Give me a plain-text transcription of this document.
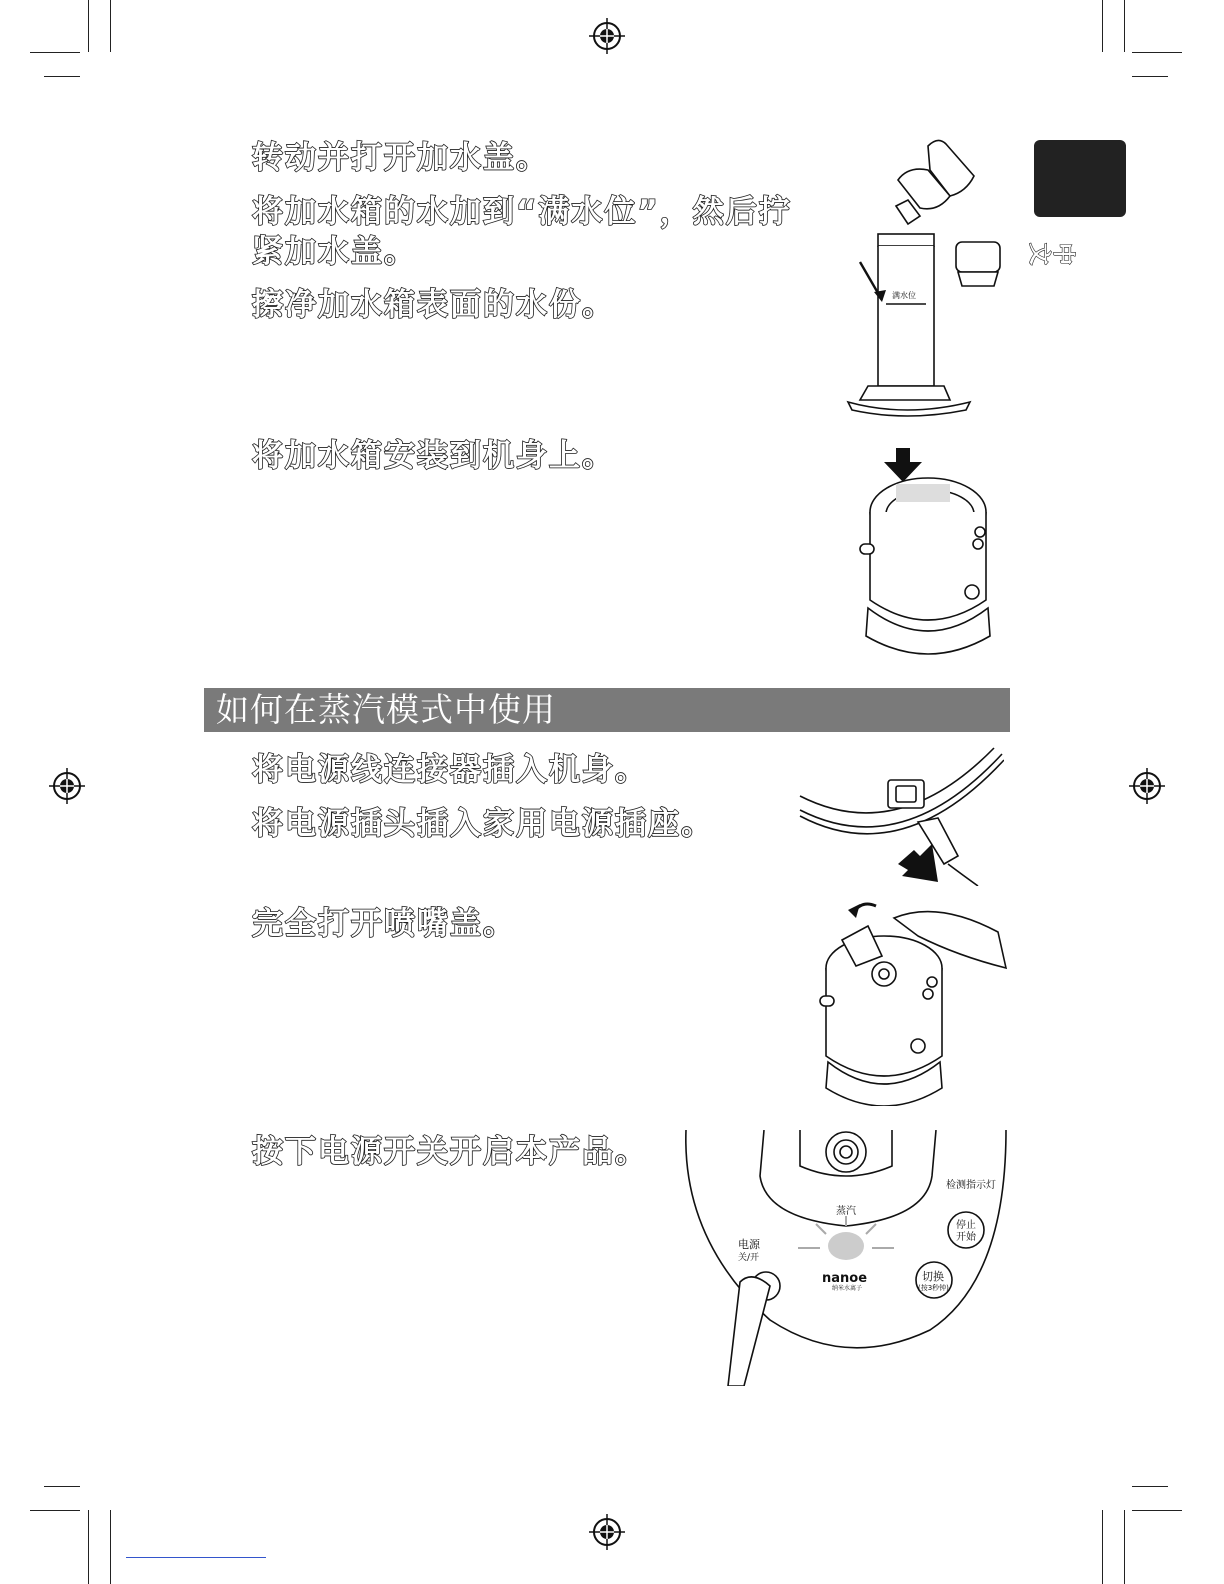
中文
转动并打开加水盖。
将加水箱的水加到“满水位”，然后拧
紧加水盖。
擦净加水箱表面的水份。
将加水箱安装到机身上。
满水位
如何在蒸汽模式中使用
将电源线连接器插入机身。
将电源插头插入家用电源插座。
完全打开喷嘴盖。
按下电源开关开启本产品。
检测指示灯
蒸汽
停止
开始
电源
关/开
nanoe
纳米水离子
切换
(按3秒钟)
